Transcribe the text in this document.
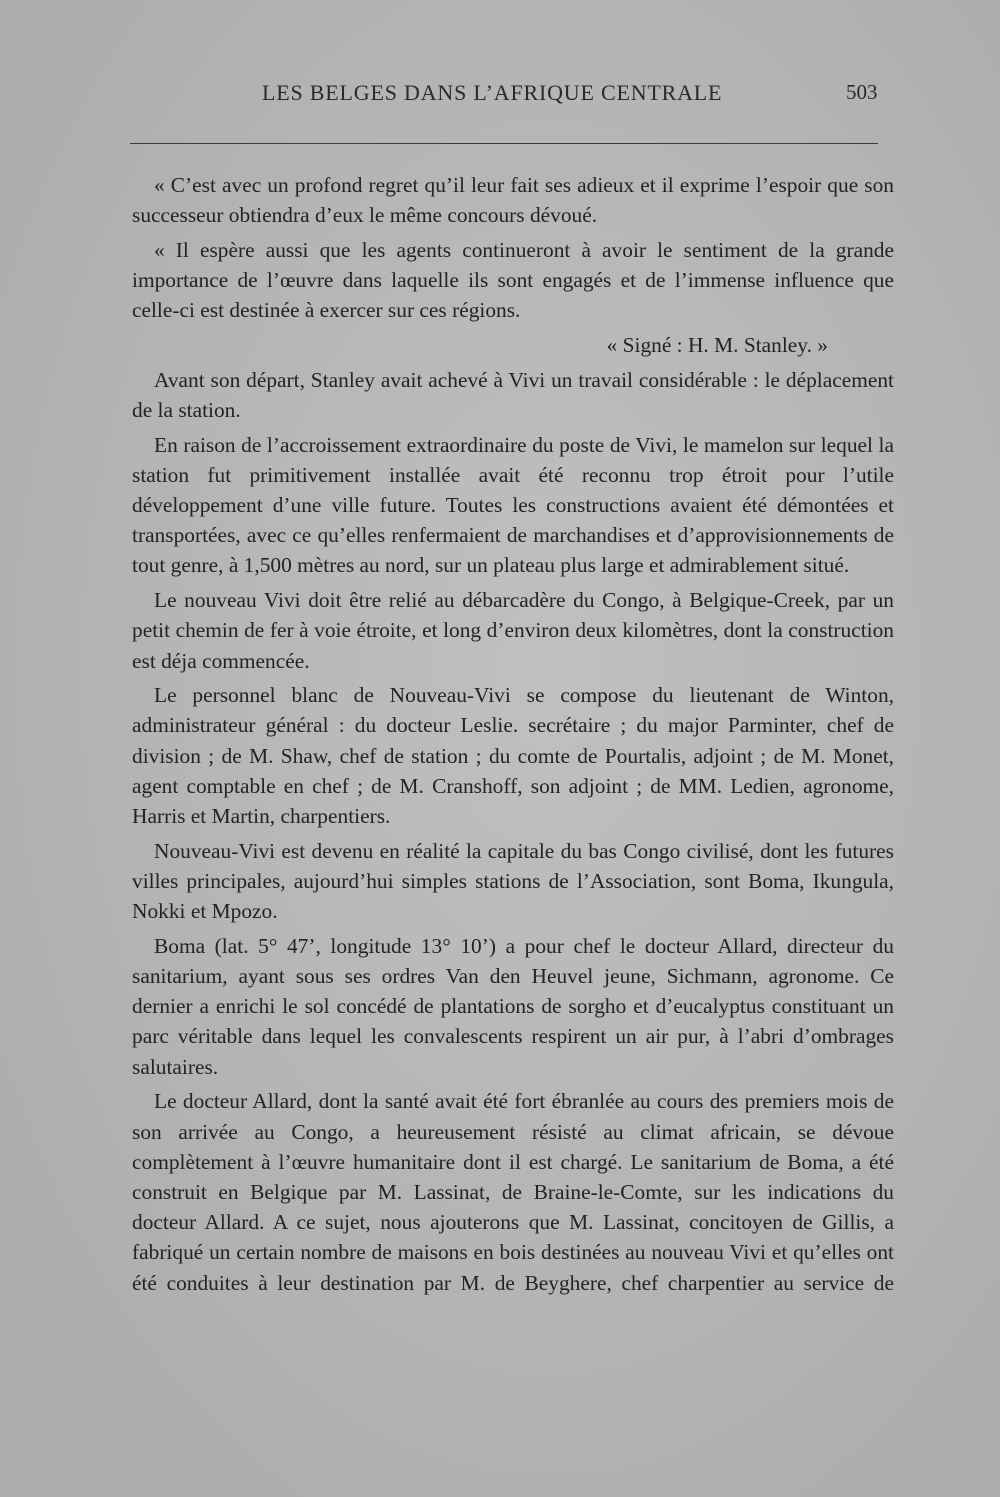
LES BELGES DANS L’AFRIQUE CENTRALE	503

« C’est avec un profond regret qu’il leur fait ses adieux et il exprime l’espoir que son successeur obtiendra d’eux le même concours dévoué.

« Il espère aussi que les agents continueront à avoir le sentiment de la grande importance de l’œuvre dans laquelle ils sont engagés et de l’immense influence que celle-ci est destinée à exercer sur ces régions.

« Signé : H. M. Stanley. »

Avant son départ, Stanley avait achevé à Vivi un travail considérable : le déplacement de la station.

En raison de l’accroissement extraordinaire du poste de Vivi, le mamelon sur lequel la station fut primitivement installée avait été reconnu trop étroit pour l’utile développement d’une ville future. Toutes les constructions avaient été démontées et transportées, avec ce qu’elles renfermaient de marchandises et d’approvisionnements de tout genre, à 1,500 mètres au nord, sur un plateau plus large et admirablement situé.

Le nouveau Vivi doit être relié au débarcadère du Congo, à Belgique-Creek, par un petit chemin de fer à voie étroite, et long d’environ deux kilomètres, dont la construction est déja commencée.

Le personnel blanc de Nouveau-Vivi se compose du lieutenant de Winton, administrateur général : du docteur Leslie. secrétaire ; du major Parminter, chef de division ; de M. Shaw, chef de station ; du comte de Pourtalis, adjoint ; de M. Monet, agent comptable en chef ; de M. Cranshoff, son adjoint ; de MM. Ledien, agronome, Harris et Martin, charpentiers.

Nouveau-Vivi est devenu en réalité la capitale du bas Congo civilisé, dont les futures villes principales, aujourd’hui simples stations de l’Association, sont Boma, Ikungula, Nokki et Mpozo.

Boma (lat. 5° 47’, longitude 13° 10’) a pour chef le docteur Allard, directeur du sanitarium, ayant sous ses ordres Van den Heuvel jeune, Sichmann, agronome. Ce dernier a enrichi le sol concédé de plantations de sorgho et d’eucalyptus constituant un parc véritable dans lequel les convalescents respirent un air pur, à l’abri d’ombrages salutaires.

Le docteur Allard, dont la santé avait été fort ébranlée au cours des premiers mois de son arrivée au Congo, a heureusement résisté au climat africain, se dévoue complètement à l’œuvre humanitaire dont il est chargé. Le sanitarium de Boma, a été construit en Belgique par M. Lassinat, de Braine-le-Comte, sur les indications du docteur Allard. A ce sujet, nous ajouterons que M. Lassinat, concitoyen de Gillis, a fabriqué un certain nombre de maisons en bois destinées au nouveau Vivi et qu’elles ont été conduites à leur destination par M. de Beyghere, chef charpentier au service de
